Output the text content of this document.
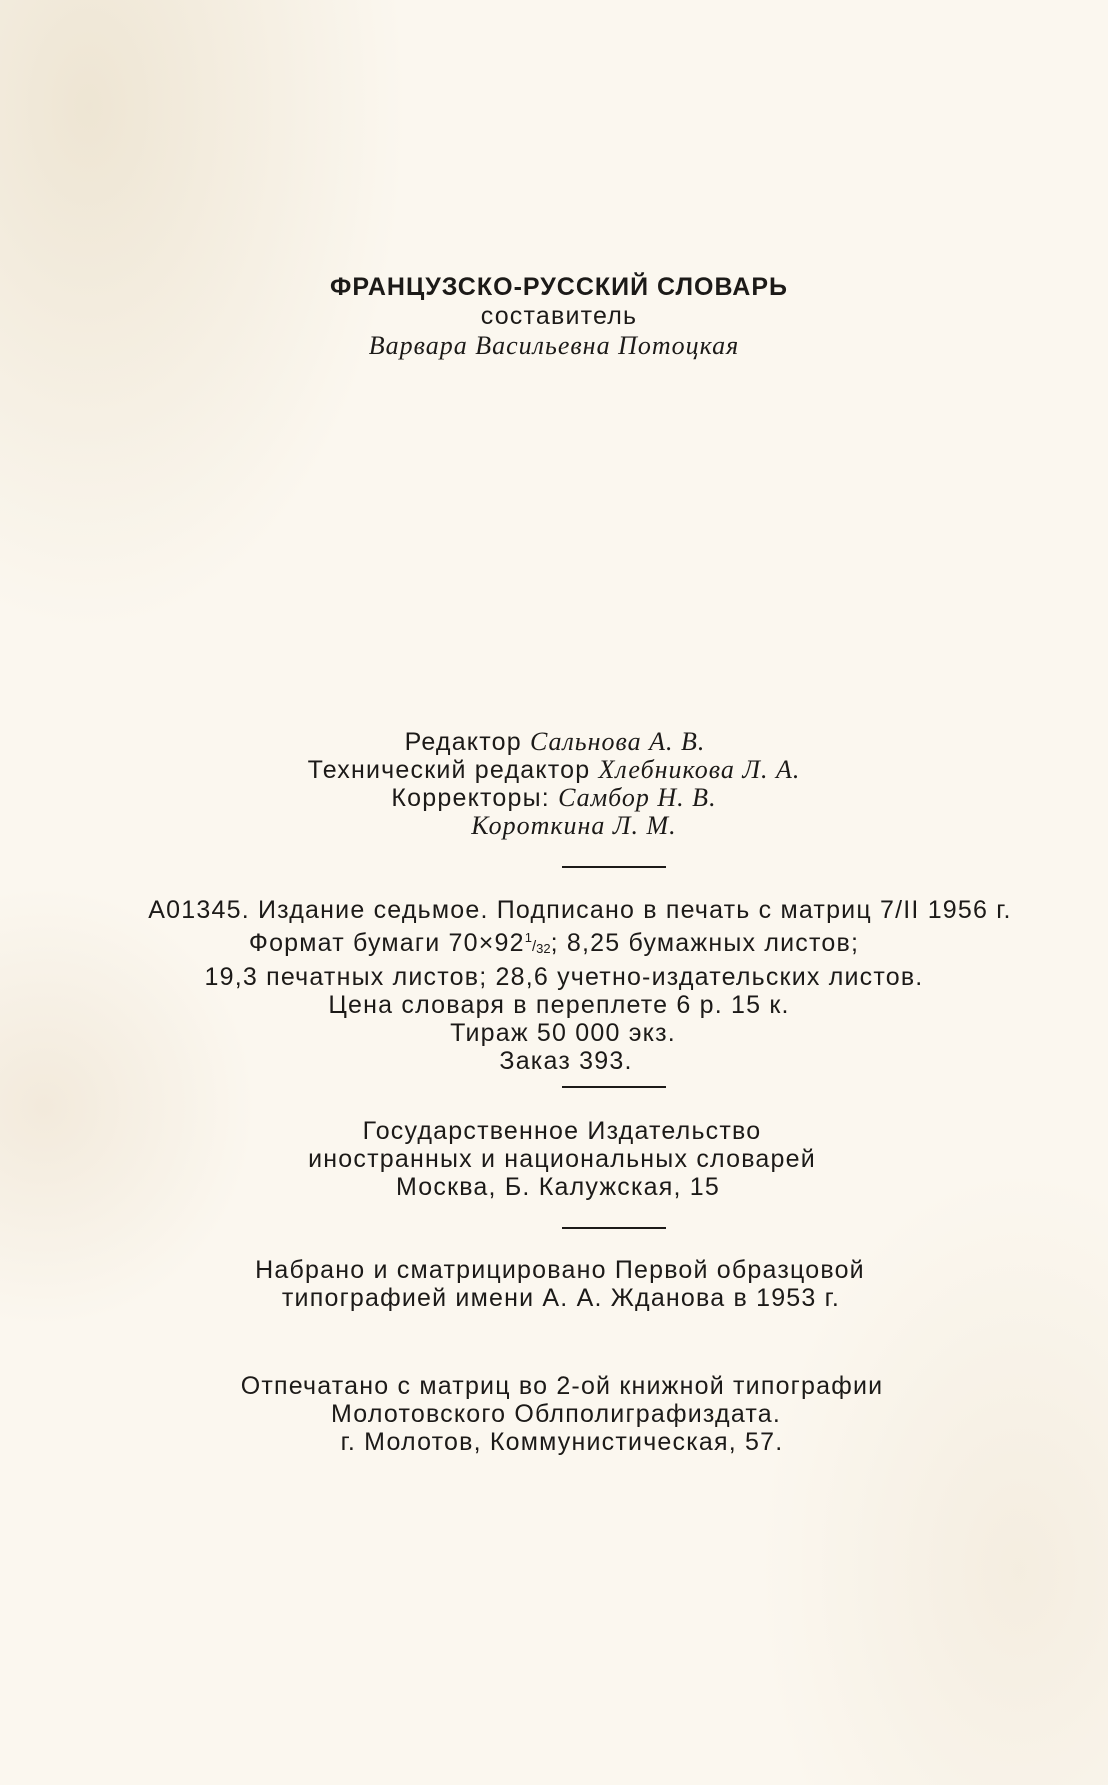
ФРАНЦУЗСКО-РУССКИЙ СЛОВАРЬ
составитель
Варвара Васильевна Потоцкая
Редактор Сальнова А. В.
Технический редактор Хлебникова Л. А.
Корректоры: Самбор Н. В.
Короткина Л. М.
А01345. Издание седьмое. Подписано в печать с матриц 7/II 1956 г.
Формат бумаги $70\times 92^1/_{32}$; 8,25 бумажных листов;
19,3 печатных листов; 28,6 учетно-издательских листов.
Цена словаря в переплете 6 р. 15 к.
Тираж 50 000 экз.
Заказ 393.
Государственное Издательство
иностранных и национальных словарей
Москва, Б. Калужская, 15
Набрано и сматрицировано Первой образцовой
типографией имени А. А. Жданова в 1953 г.
Отпечатано с матриц во 2-ой книжной типографии
Молотовского Облполиграфиздата.
г. Молотов, Коммунистическая, 57.
